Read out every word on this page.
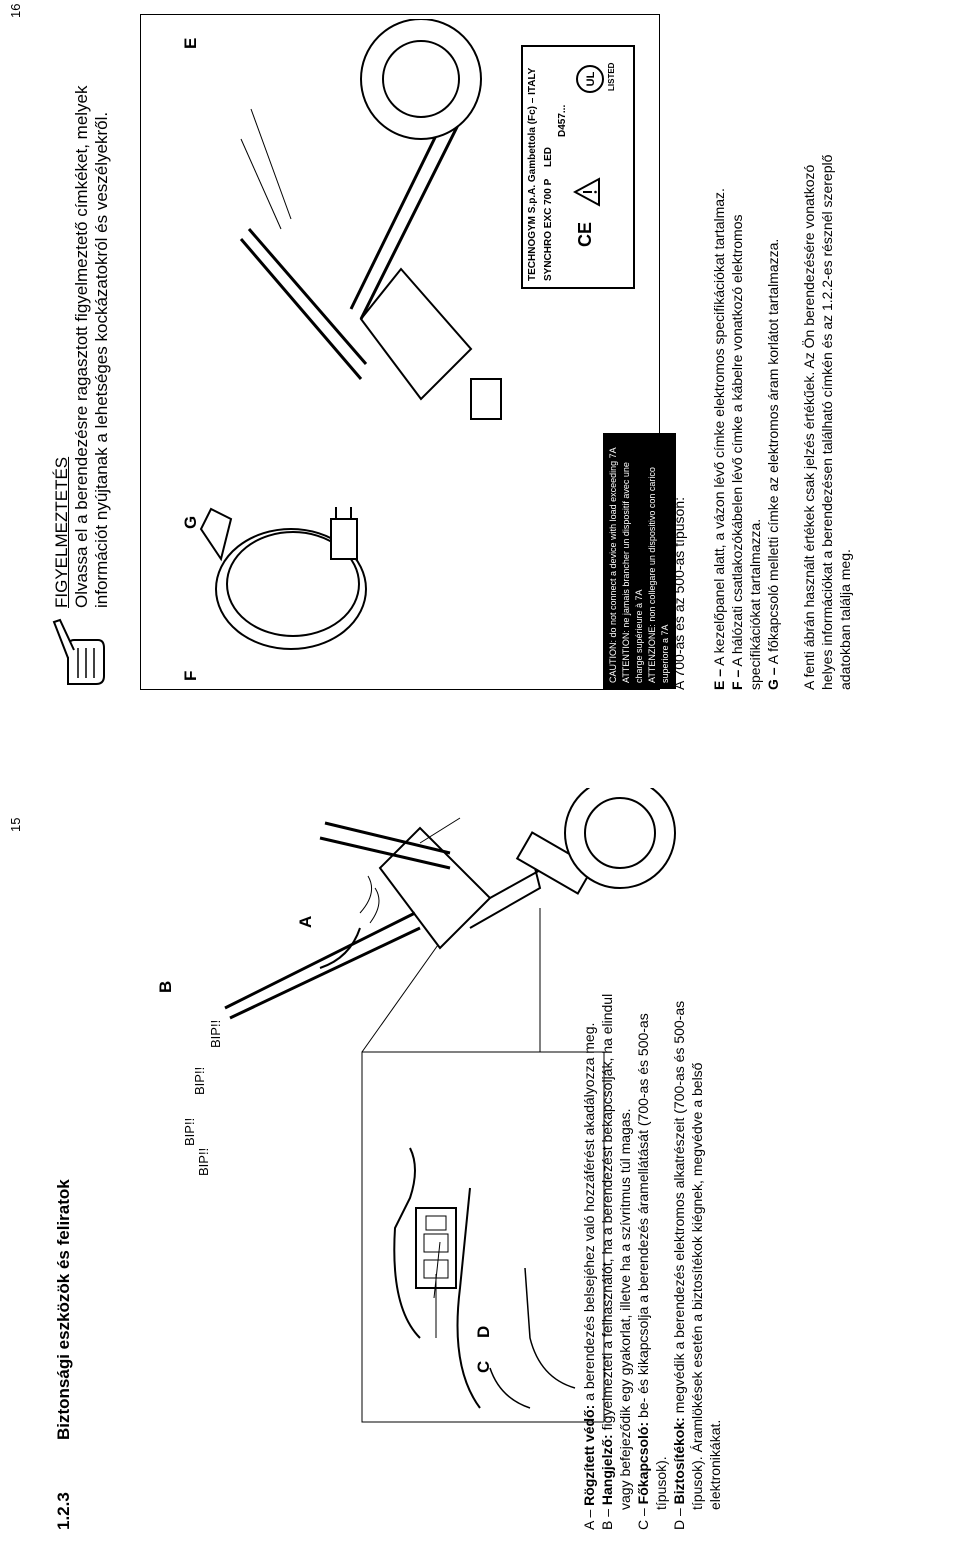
15
1.2.3
Biztonsági eszközök és feliratok	C
D
B
A
BIP!!
BIP!!
BIP!!
BIP!!
A – Rögzített védő: a berendezés belsejéhez való hozzáférést akadályozza meg.
B – Hangjelző: figyelmezteti a felhasználót, ha a berendezést bekapcsolják, ha elindul vagy befejeződik egy gyakorlat, illetve ha a szívritmus túl magas.
C – Főkapcsoló: be- és kikapcsolja a berendezés áramellátását (700-as és 500-as
típusok).
D – Biztosítékok: megvédik a berendezés elektromos alkatrészeit (700-as és 500-as típusok). Áramlökések esetén a biztosítékok kiégnek, megvédve a belső elektronikákat.
16
FIGYELMEZTETÉS Olvassa el a berendezésre ragasztott figyelmeztető címkéket, melyek információt nyújtanak a lehetséges kockázatokról és veszélyekről.
F
G
E
CAUTION: do not connect a device with load exceeding 7A ATTENTION: ne jamais brancher un dispositif avec une charge supérieure à 7A ATTENZIONE: non collegare un dispositivo con carico superiore a 7A
TECHNOGYM S.p.A. Gambettola (Fc) – ITALY SYNCHRO EXC 700 P
LED
D457...
CE
UL LISTED
A 700-as és az 500-as típuson: E – A kezelőpanel alatt, a vázon lévő címke elektromos specifikációkat tartalmaz.
F – A hálózati csatlakozókábelen lévő címke a kábelre vonatkozó elektromos specifikációkat tartalmazza. G – A főkapcsoló melletti címke az elektromos áram korlátot tartalmazza. A fenti ábrán használt értékek csak jelzés értékűek. Az Ön berendezésére vonatkozó helyes információkat a berendezésen található címkén és az 1.2.2-es résznél szereplő adatokban találja meg.
